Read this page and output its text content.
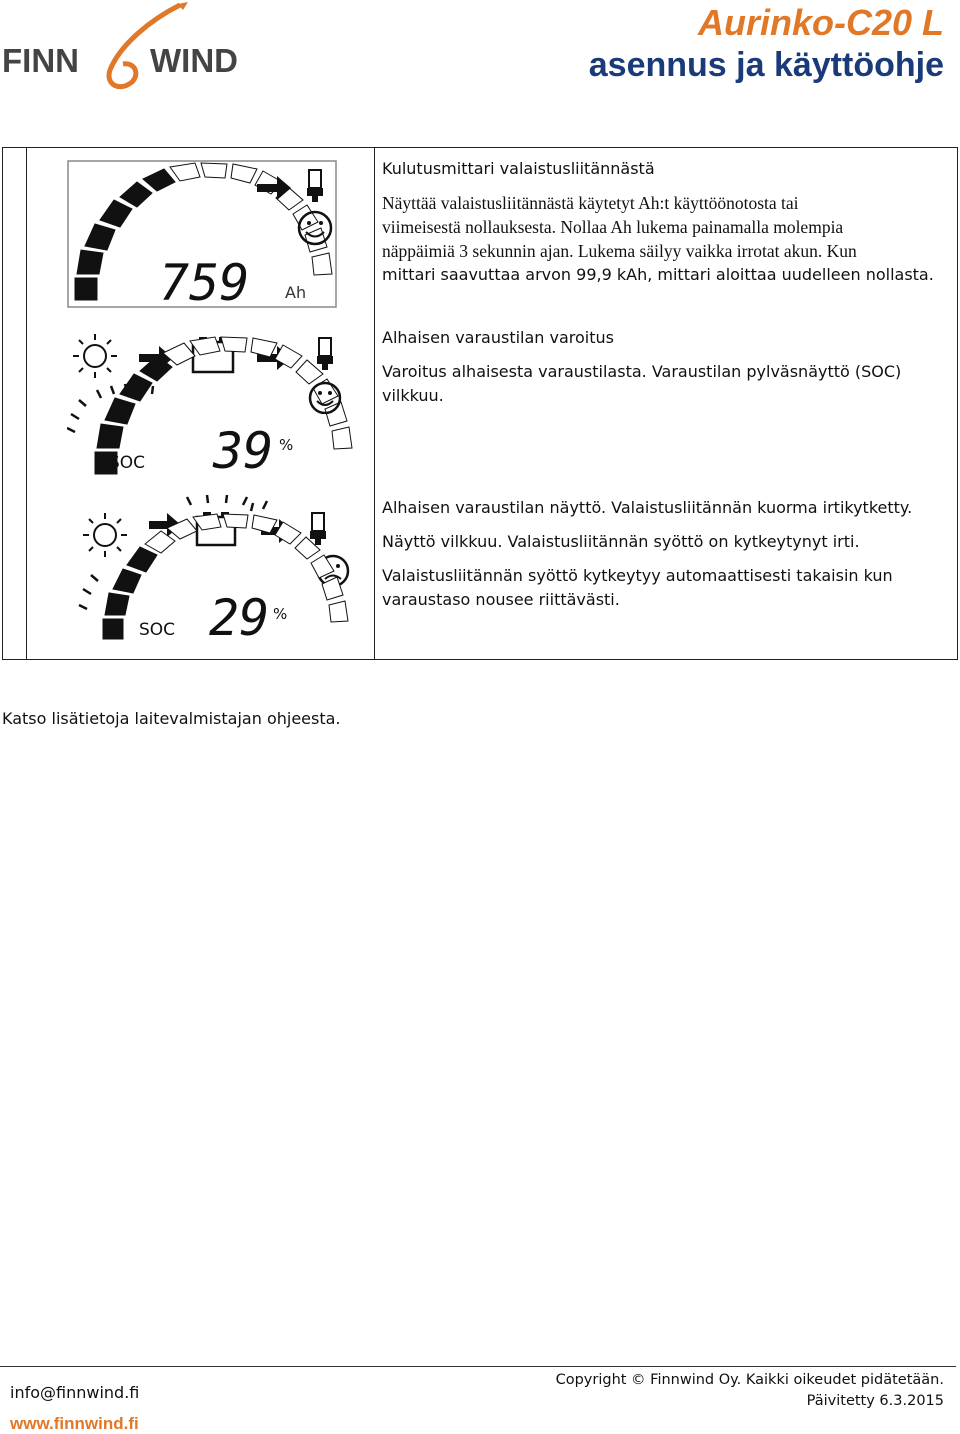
FINN WIND
Aurinko-C20 L
asennus ja käyttöohje
759 Ah
SOC 39 %
SOC 29 %

Kulutusmittari valaistusliitännästä

Näyttää valaistusliitännästä käytetyt Ah:t käyttöönotosta tai

viimeisestä nollauksesta. Nollaa Ah lukema painamalla molempia

näppäimiä 3 sekunnin ajan. Lukema säilyy vaikka irrotat akun. Kun

mittari saavuttaa arvon 99,9 kAh, mittari aloittaa uudelleen nollasta.

Alhaisen varaustilan varoitus

Varoitus alhaisesta varaustilasta. Varaustilan pylväsnäyttö (SOC)

vilkkuu.

Alhaisen varaustilan näyttö. Valaistusliitännän kuorma irtikytketty.

Näyttö vilkkuu. Valaistusliitännän syöttö on kytkeytynyt irti.

Valaistusliitännän syöttö kytkeytyy automaattisesti takaisin kun

varaustaso nousee riittävästi.

Katso lisätietoja laitevalmistajan ohjeesta.
info@finnwind.fi
www.finnwind.fi
Copyright © Finnwind Oy. Kaikki oikeudet pidätetään.
Päivitetty 6.3.2015
